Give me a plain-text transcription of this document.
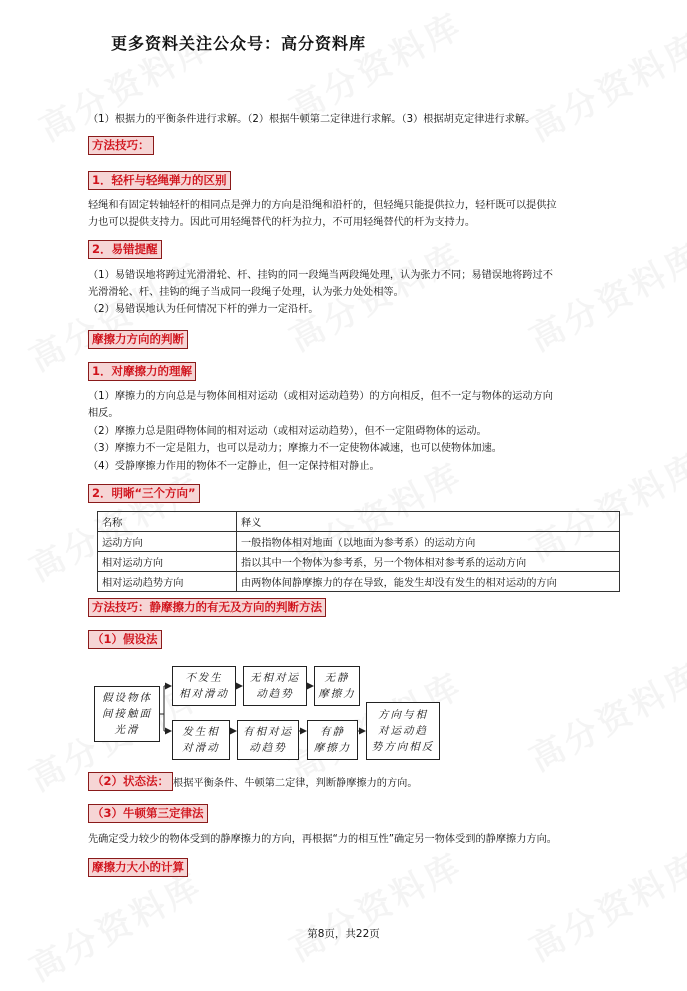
更多资料关注公众号：高分资料库
（1）根据力的平衡条件进行求解。（2）根据牛顿第二定律进行求解。（3）根据胡克定律进行求解。
方法技巧：
1．轻杆与轻绳弹力的区别
轻绳和有固定转轴轻杆的相同点是弹力的方向是沿绳和沿杆的，但轻绳只能提供拉力，轻杆既可以提供拉
力也可以提供支持力。因此可用轻绳替代的杆为拉力，不可用轻绳替代的杆为支持力。
2．易错提醒
（1）易错误地将跨过光滑滑轮、杆、挂钩的同一段绳当两段绳处理，认为张力不同；易错误地将跨过不
光滑滑轮、杆、挂钩的绳子当成同一段绳子处理，认为张力处处相等。
（2）易错误地认为任何情况下杆的弹力一定沿杆。
摩擦力方向的判断
1．对摩擦力的理解
（1）摩擦力的方向总是与物体间相对运动（或相对运动趋势）的方向相反，但不一定与物体的运动方向
相反。
（2）摩擦力总是阻碍物体间的相对运动（或相对运动趋势），但不一定阻碍物体的运动。
（3）摩擦力不一定是阻力，也可以是动力；摩擦力不一定使物体减速，也可以使物体加速。
（4）受静摩擦力作用的物体不一定静止，但一定保持相对静止。
2．明晰“三个方向”
名称	释义
运动方向	一般指物体相对地面（以地面为参考系）的运动方向
相对运动方向	指以其中一个物体为参考系，另一个物体相对参考系的运动方向
相对运动趋势方向	由两物体间静摩擦力的存在导致，能发生却没有发生的相对运动的方向
方法技巧：静摩擦力的有无及方向的判断方法
（1）假设法
假设物体
间接触面
光滑
不发生
相对滑动
无相对运
动趋势
无静
摩擦力
发生相
对滑动
有相对运
动趋势
有静
摩擦力
方向与相
对运动趋
势方向相反
（2）状态法： 根据平衡条件、牛顿第二定律，判断静摩擦力的方向。
（3）牛顿第三定律法
先确定受力较少的物体受到的静摩擦力的方向，再根据“力的相互性”确定另一物体受到的静摩擦力方向。
摩擦力大小的计算
第8页，共22页
